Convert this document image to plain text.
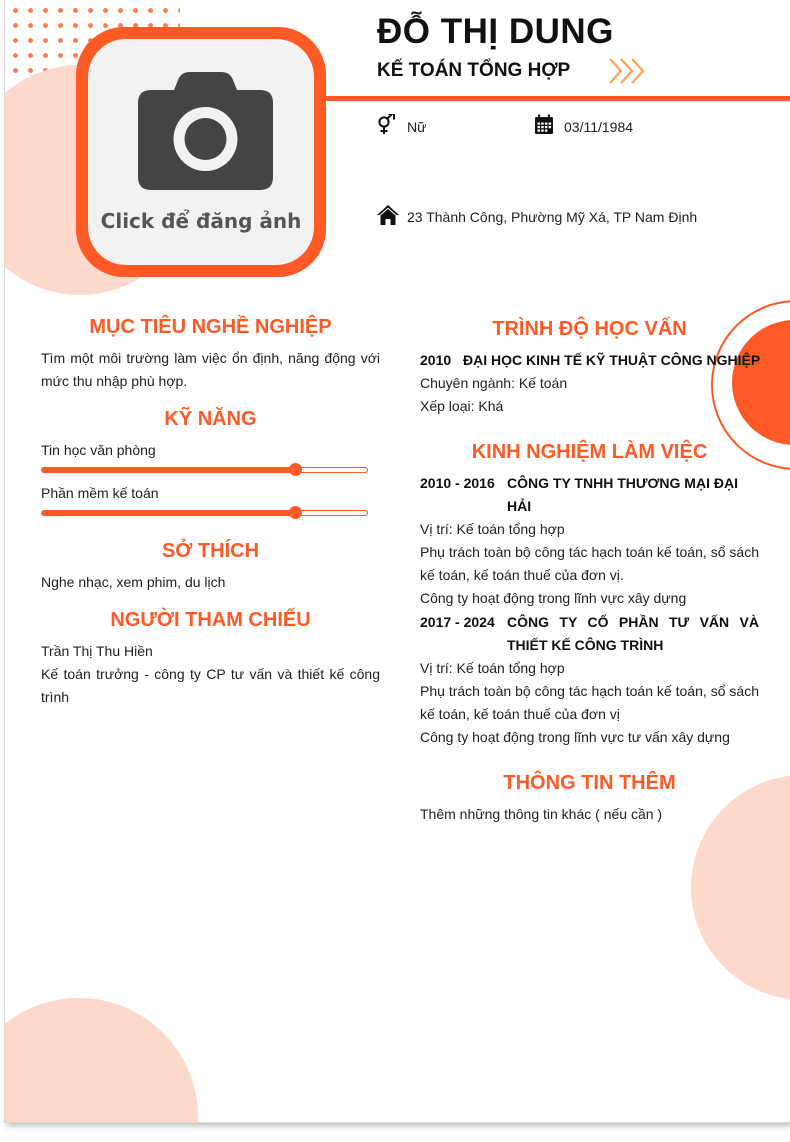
Click để đăng ảnh
ĐỖ THỊ DUNG
KẾ TOÁN TỔNG HỢP
Nữ	03/11/1984
23 Thành Công, Phường Mỹ Xá, TP Nam Định
MỤC TIÊU NGHỀ NGHIỆP
Tìm một môi trường làm việc ổn định, năng động với mức thu nhập phù hợp.
KỸ NĂNG
Tin học văn phòng
Phần mềm kế toán
SỞ THÍCH
Nghe nhạc, xem phim, du lịch
NGƯỜI THAM CHIẾU
Trần Thị Thu Hiền
Kế toán trưởng - công ty CP tư vấn và thiết kế công trình
TRÌNH ĐỘ HỌC VẤN
2010 ĐẠI HỌC KINH TẾ KỸ THUẬT CÔNG NGHIỆP
Chuyên ngành: Kế toán
Xếp loại: Khá
KINH NGHIỆM LÀM VIỆC
2010 - 2016 CÔNG TY TNHH THƯƠNG MẠI ĐẠI HẢI
Vị trí: Kế toán tổng hợp
Phụ trách toàn bộ công tác hạch toán kế toán, sổ sách kế toán, kế toán thuế của đơn vị.
Công ty hoạt động trong lĩnh vực xây dựng
2017 - 2024 CÔNG TY CỔ PHẦN TƯ VẤN VÀ THIẾT KẾ CÔNG TRÌNH
Vị trí: Kế toán tổng hợp
Phụ trách toàn bộ công tác hạch toán kế toán, sổ sách kế toán, kế toán thuế của đơn vị
Công ty hoạt động trong lĩnh vực tư vấn xây dựng
THÔNG TIN THÊM
Thêm những thông tin khác ( nếu cần )
